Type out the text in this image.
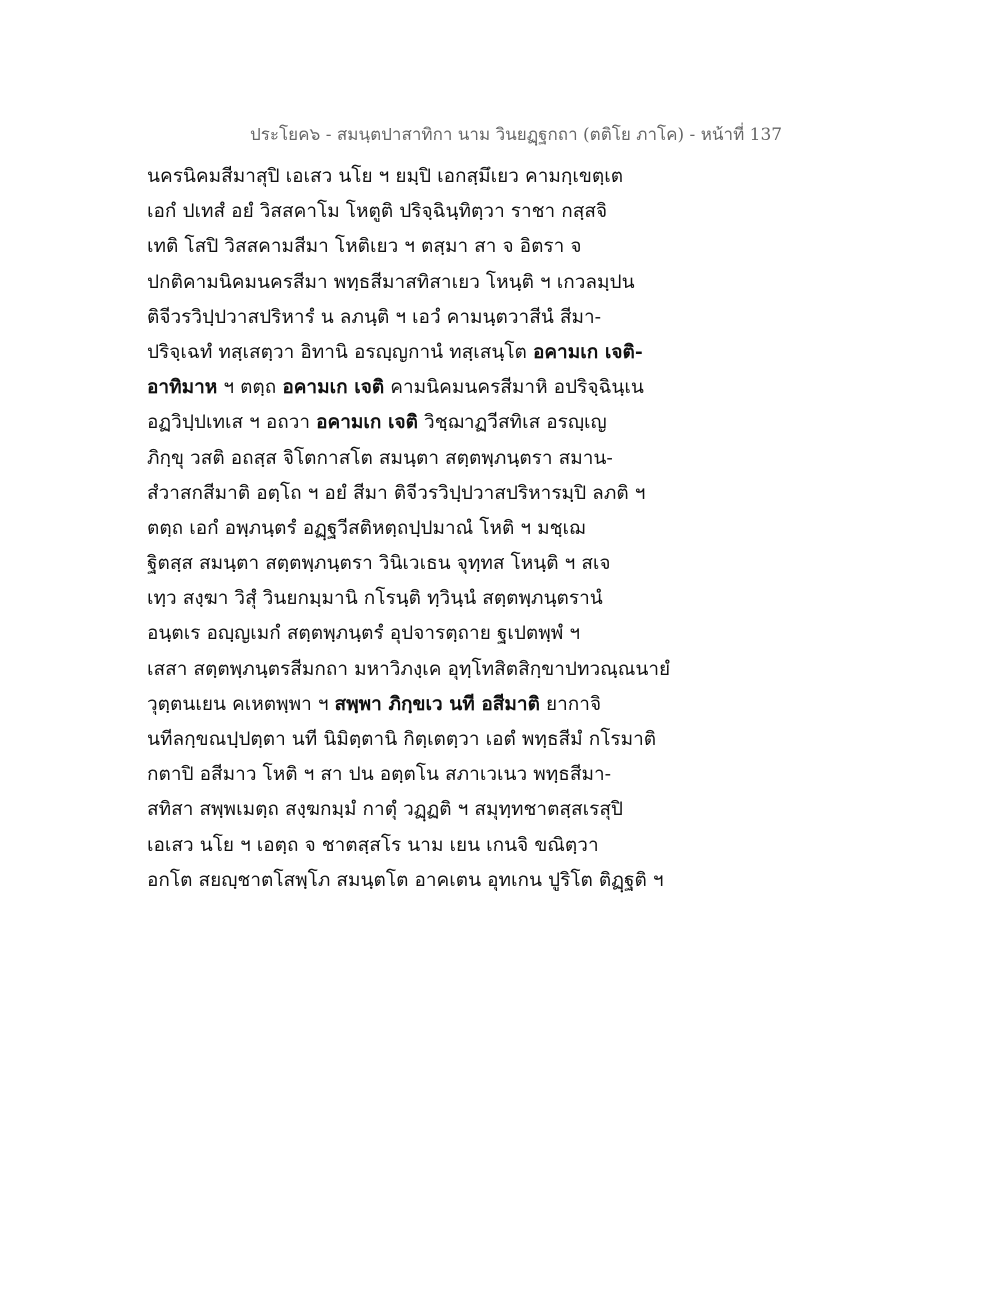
ประโยค๖ - สมนฺตปาสาทิกา นาม วินยฏฺฐกถา (ตติโย ภาโค) - หน้าที่ 137
นครนิคมสีมาสุปิ เอเสว นโย ฯ ยมฺปิ เอกสฺมึเยว คามกฺเขตฺเต
เอกํ ปเทสํ อยํ วิสสคาโม โหตูติ ปริจฺฉินฺทิตฺวา ราชา กสฺสจิ
เทติ โสปิ วิสสคามสีมา โหติเยว ฯ ตสฺมา สา จ อิตรา จ
ปกติคามนิคมนครสีมา พทฺธสีมาสทิสาเยว โหนฺติ ฯ เกวลมฺปน
ติจีวรวิปฺปวาสปริหารํ น ลภนฺติ ฯ เอวํ คามนฺตวาสีนํ สีมา-
ปริจฺเฉทํ ทสฺเสตฺวา อิทานิ อรญฺญกานํ ทสฺเสนฺโต อคามเก เจติ-
อาทิมาห ฯ ตตฺถ อคามเก เจติ คามนิคมนครสีมาหิ อปริจฺฉินฺเน
อฏวิปฺปเทเส ฯ อถวา อคามเก เจติ วิชฺฌาฏวีสทิเส อรญฺเญ
ภิกฺขุ วสติ อถสฺส จิโตกาสโต สมนฺตา สตฺตพฺภนฺตรา สมาน-
สํวาสกสีมาติ อตฺโถ ฯ อยํ สีมา ติจีวรวิปฺปวาสปริหารมฺปิ ลภติ ฯ
ตตฺถ เอกํ อพฺภนฺตรํ อฏฺฐวีสติหตฺถปฺปมาณํ โหติ ฯ มชฺเฌ
ฐิตสฺส สมนฺตา สตฺตพฺภนฺตรา วินิเวเธน จุทฺทส โหนฺติ ฯ สเจ
เทฺว สงฺฆา วิสุํ วินยกมฺมานิ กโรนฺติ ทฺวินฺนํ สตฺตพฺภนฺตรานํ
อนฺตเร อญฺญเมกํ สตฺตพฺภนฺตรํ อุปจารตฺถาย ฐเปตพฺพํ ฯ
เสสา สตฺตพฺภนฺตรสีมกถา มหาวิภงฺเค อุทฺโทสิตสิกฺขาปทวณฺณนายํ
วุตฺตนเยน คเหตพฺพา ฯ สพฺพา ภิกฺขเว นที อสีมาติ ยากาจิ
นทีลกฺขณปฺปตฺตา นที นิมิตฺตานิ กิตฺเตตฺวา เอตํ พทฺธสีมํ กโรมาติ
กตาปิ อสีมาว โหติ ฯ สา ปน อตฺตโน สภาเวเนว พทฺธสีมา-
สทิสา สพฺพเมตฺถ สงฺฆกมฺมํ กาตุํ วฏฺฏติ ฯ สมุทฺทชาตสฺสเรสุปิ
เอเสว นโย ฯ เอตฺถ จ ชาตสฺสโร นาม เยน เกนจิ ขณิตฺวา
อกโต สยญฺชาตโสพฺโภ สมนฺตโต อาคเตน อุทเกน ปูริโต ติฏฺฐติ ฯ
